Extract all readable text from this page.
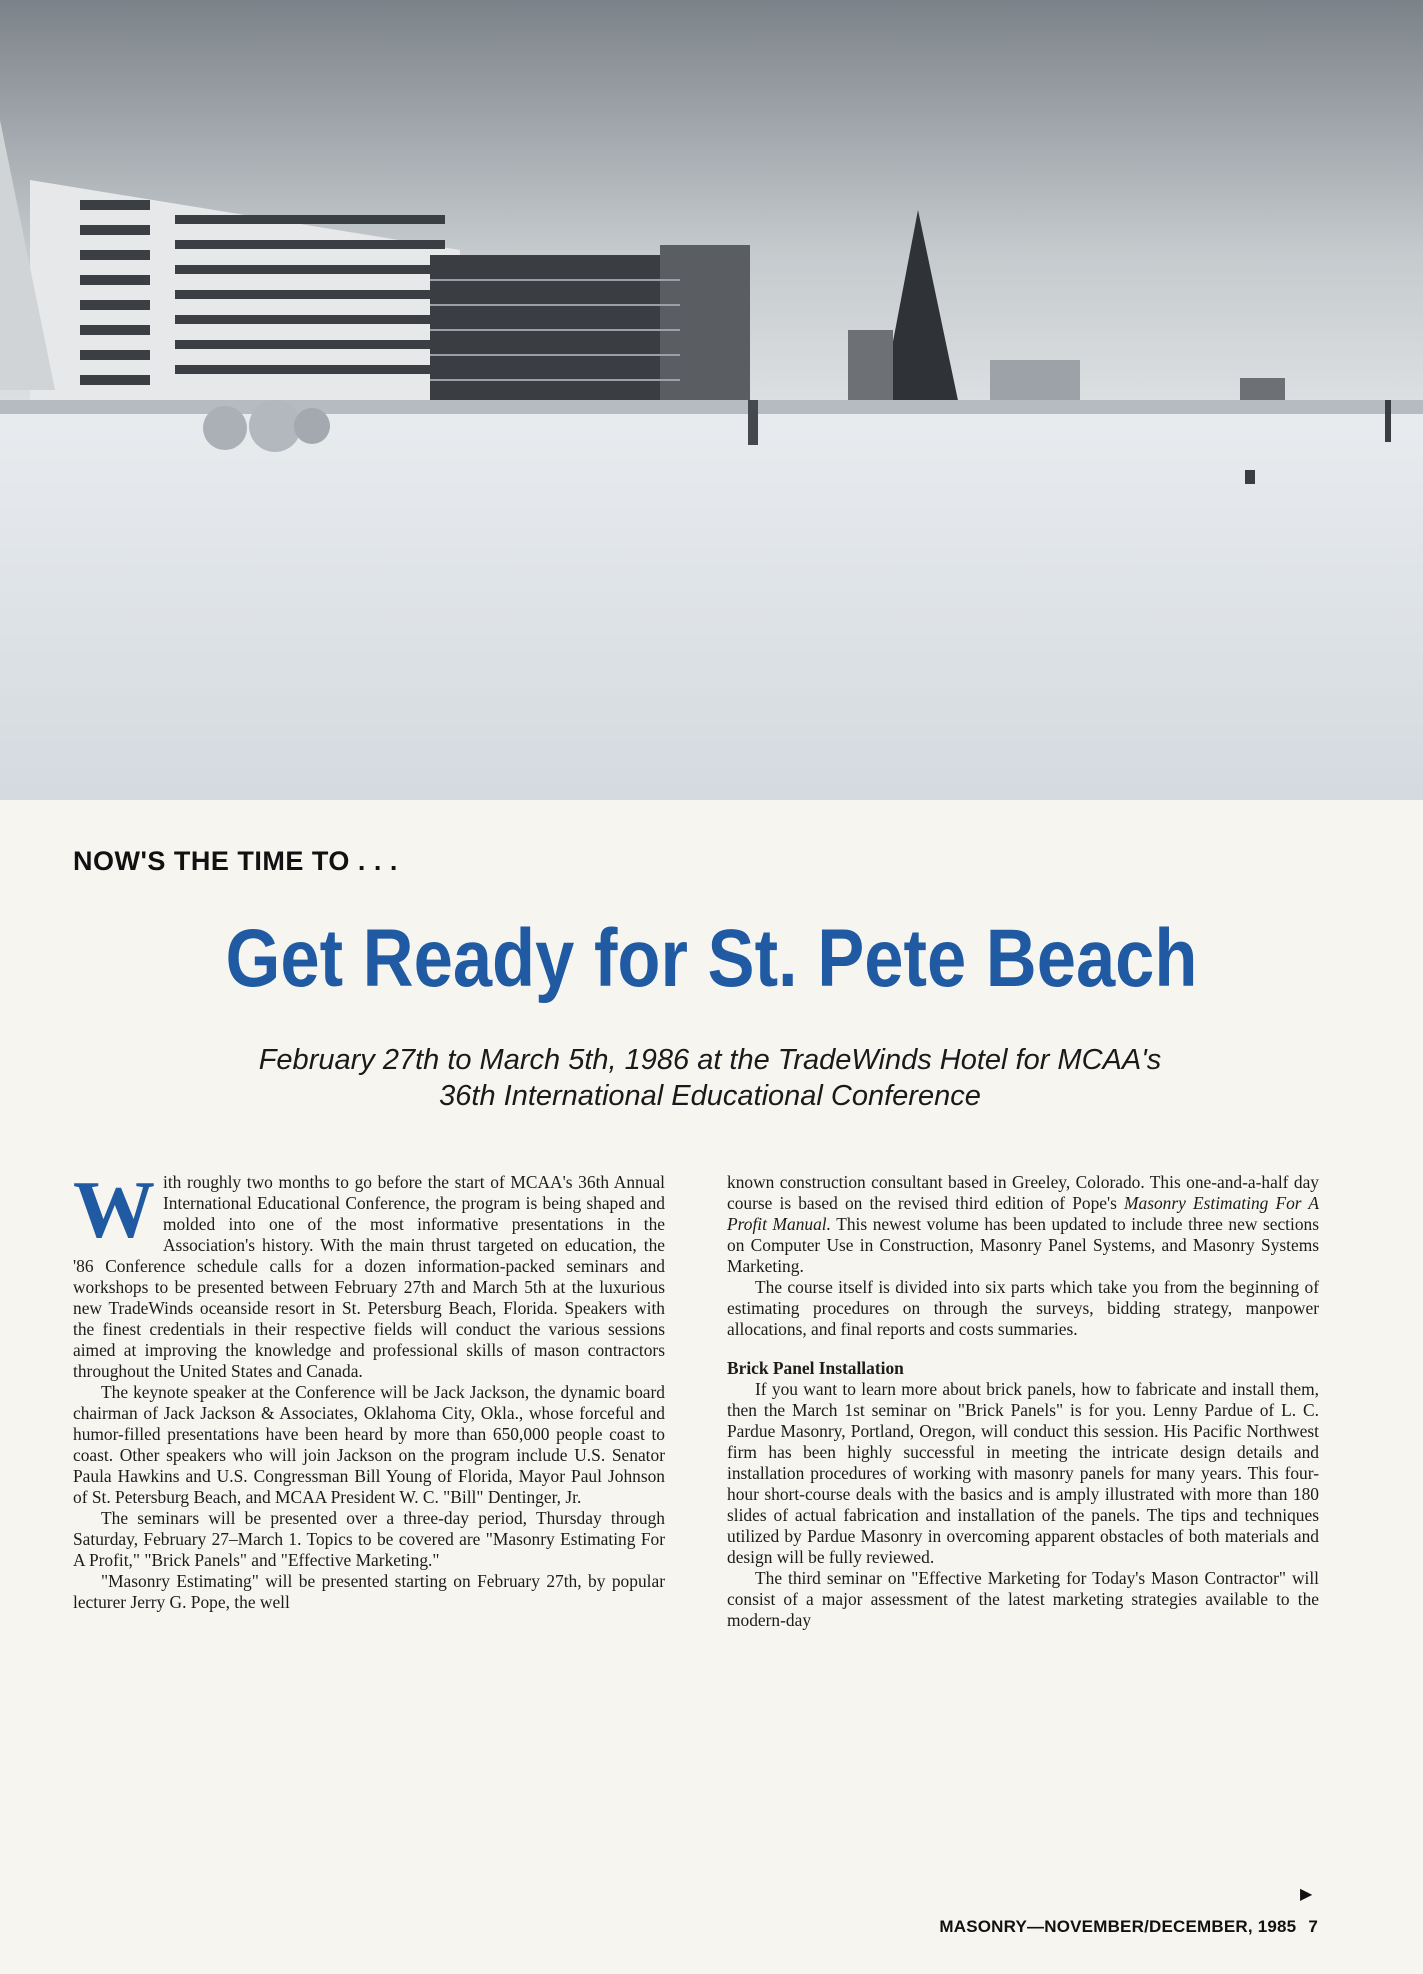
NOW'S THE TIME TO . . .
Get Ready for St. Pete Beach
February 27th to March 5th, 1986 at the TradeWinds Hotel for MCAA's
36th International Educational Conference

With roughly two months to go before the start of MCAA's 36th Annual International Educational Conference, the program is being shaped and molded into one of the most informative presentations in the Association's history. With the main thrust targeted on education, the '86 Conference schedule calls for a dozen information-packed seminars and workshops to be presented between February 27th and March 5th at the luxurious new TradeWinds oceanside resort in St. Petersburg Beach, Florida. Speakers with the finest credentials in their respective fields will conduct the various sessions aimed at improving the knowledge and professional skills of mason contractors throughout the United States and Canada.

The keynote speaker at the Conference will be Jack Jackson, the dynamic board chairman of Jack Jackson & Associates, Oklahoma City, Okla., whose forceful and humor-filled presentations have been heard by more than 650,000 people coast to coast. Other speakers who will join Jackson on the program include U.S. Senator Paula Hawkins and U.S. Congressman Bill Young of Florida, Mayor Paul Johnson of St. Petersburg Beach, and MCAA President W. C. "Bill" Dentinger, Jr.

The seminars will be presented over a three-day period, Thursday through Saturday, February 27–March 1. Topics to be covered are "Masonry Estimating For A Profit," "Brick Panels" and "Effective Marketing."

"Masonry Estimating" will be presented starting on February 27th, by popular lecturer Jerry G. Pope, the well

known construction consultant based in Greeley, Colorado. This one-and-a-half day course is based on the revised third edition of Pope's Masonry Estimating For A Profit Manual. This newest volume has been updated to include three new sections on Computer Use in Construction, Masonry Panel Systems, and Masonry Systems Marketing.

The course itself is divided into six parts which take you from the beginning of estimating procedures on through the surveys, bidding strategy, manpower allocations, and final reports and costs summaries.

Brick Panel Installation

If you want to learn more about brick panels, how to fabricate and install them, then the March 1st seminar on "Brick Panels" is for you. Lenny Pardue of L. C. Pardue Masonry, Portland, Oregon, will conduct this session. His Pacific Northwest firm has been highly successful in meeting the intricate design details and installation procedures of working with masonry panels for many years. This four-hour short-course deals with the basics and is amply illustrated with more than 180 slides of actual fabrication and installation of the panels. The tips and techniques utilized by Pardue Masonry in overcoming apparent obstacles of both materials and design will be fully reviewed.

The third seminar on "Effective Marketing for Today's Mason Contractor" will consist of a major assessment of the latest marketing strategies available to the modern-day

▶
MASONRY—NOVEMBER/DECEMBER, 1985 7
